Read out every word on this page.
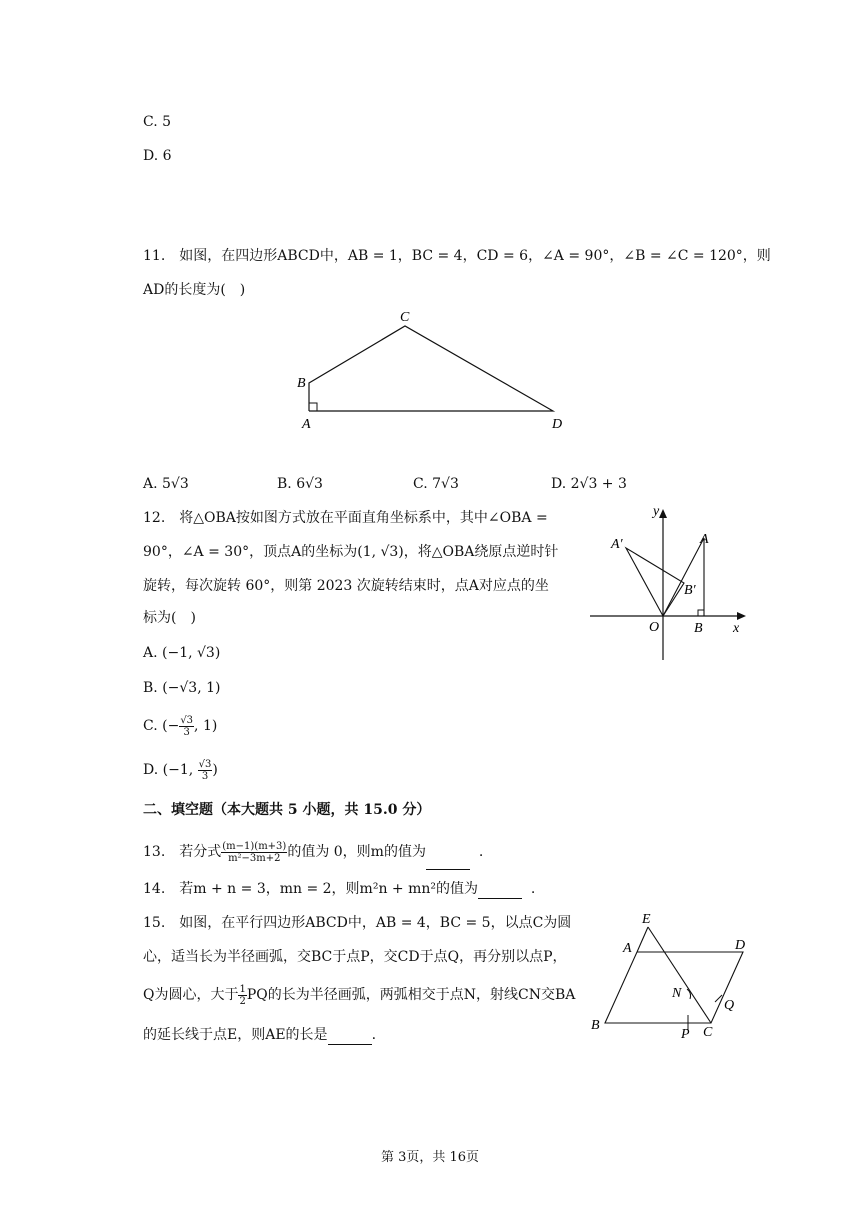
C. 5
D. 6
11.　如图，在四边形ABCD中，AB = 1，BC = 4，CD = 6，∠A = 90°，∠B = ∠C = 120°，则
AD的长度为(　)
C
B
A	D
A. 5√3	B. 6√3	C. 7√3	D. 2√3 + 3
12.　将△OBA按如图方式放在平面直角坐标系中，其中∠OBA =
90°，∠A = 30°，顶点A的坐标为(1, √3)，将△OBA绕原点逆时针
旋转，每次旋转 60°，则第 2023 次旋转结束时，点A对应点的坐
标为(　)
y
x
O
A
B
A′
B′
A. (−1, √3)
B. (−√3, 1)
C. (− $\frac{√3}{3}$ , 1)
D. (−1, $\frac{√3}{3}$ )
二、填空题（本大题共 5 小题，共 15.0 分）
13.　若分式 $\frac{(m-1)(m+3)}{\text{m²−3m+2}}$ 的值为 0，则m的值为	.
14.　若m + n = 3，mn = 2，则m²n + mn²的值为	.
15.　如图，在平行四边形ABCD中，AB = 4，BC = 5，以点C为圆
心，适当长为半径画弧，交BC于点P，交CD于点Q，再分别以点P，
Q为圆心，大于 $\frac{1}{2}$ PQ的长为半径画弧，两弧相交于点N，射线CN交BA
的延长线于点E，则AE的长是	.
E
A	D
B	C
N
P
Q
第 3页，共 16页
